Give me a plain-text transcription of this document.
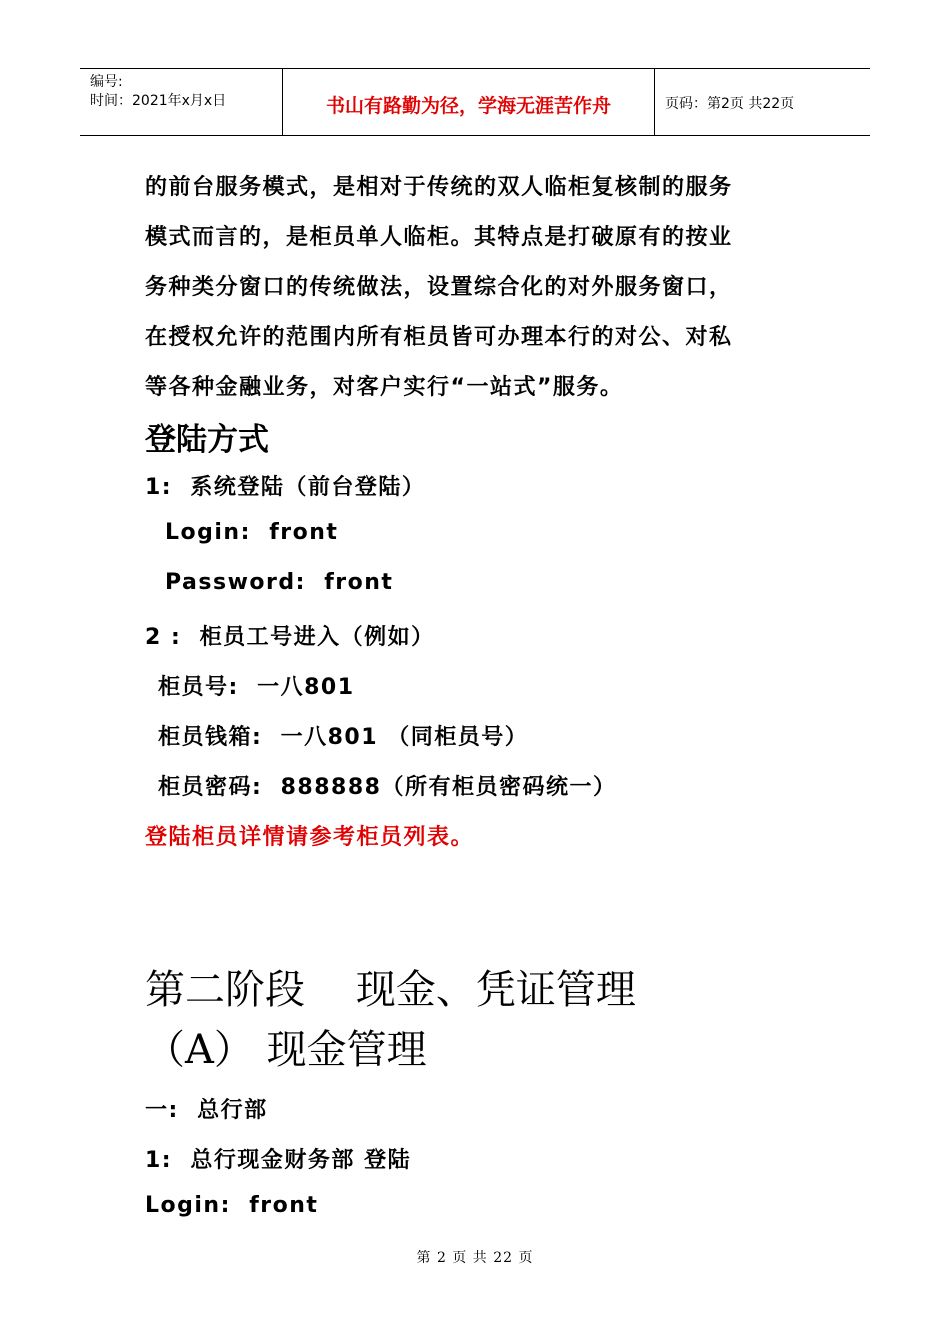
编号:
时间：2021年x月x日	书山有路勤为径，学海无涯苦作舟	页码：第2页 共22页
的前台服务模式，是相对于传统的双人临柜复核制的服务
模式而言的，是柜员单人临柜。其特点是打破原有的按业
务种类分窗口的传统做法，设置综合化的对外服务窗口，
在授权允许的范围内所有柜员皆可办理本行的对公、对私
等各种金融业务，对客户实行“一站式”服务。
登陆方式
1:  系统登陆（前台登陆）
Login:  front
Password:  front
2 :  柜员工号进入（例如）
柜员号:  一八801
柜员钱箱:  一八801 （同柜员号）
柜员密码:  888888（所有柜员密码统一）
登陆柜员详情请参考柜员列表。
第二阶段    现金、凭证管理
（A） 现金管理
一:  总行部
1:  总行现金财务部 登陆
Login:  front
第 2 页 共 22 页
